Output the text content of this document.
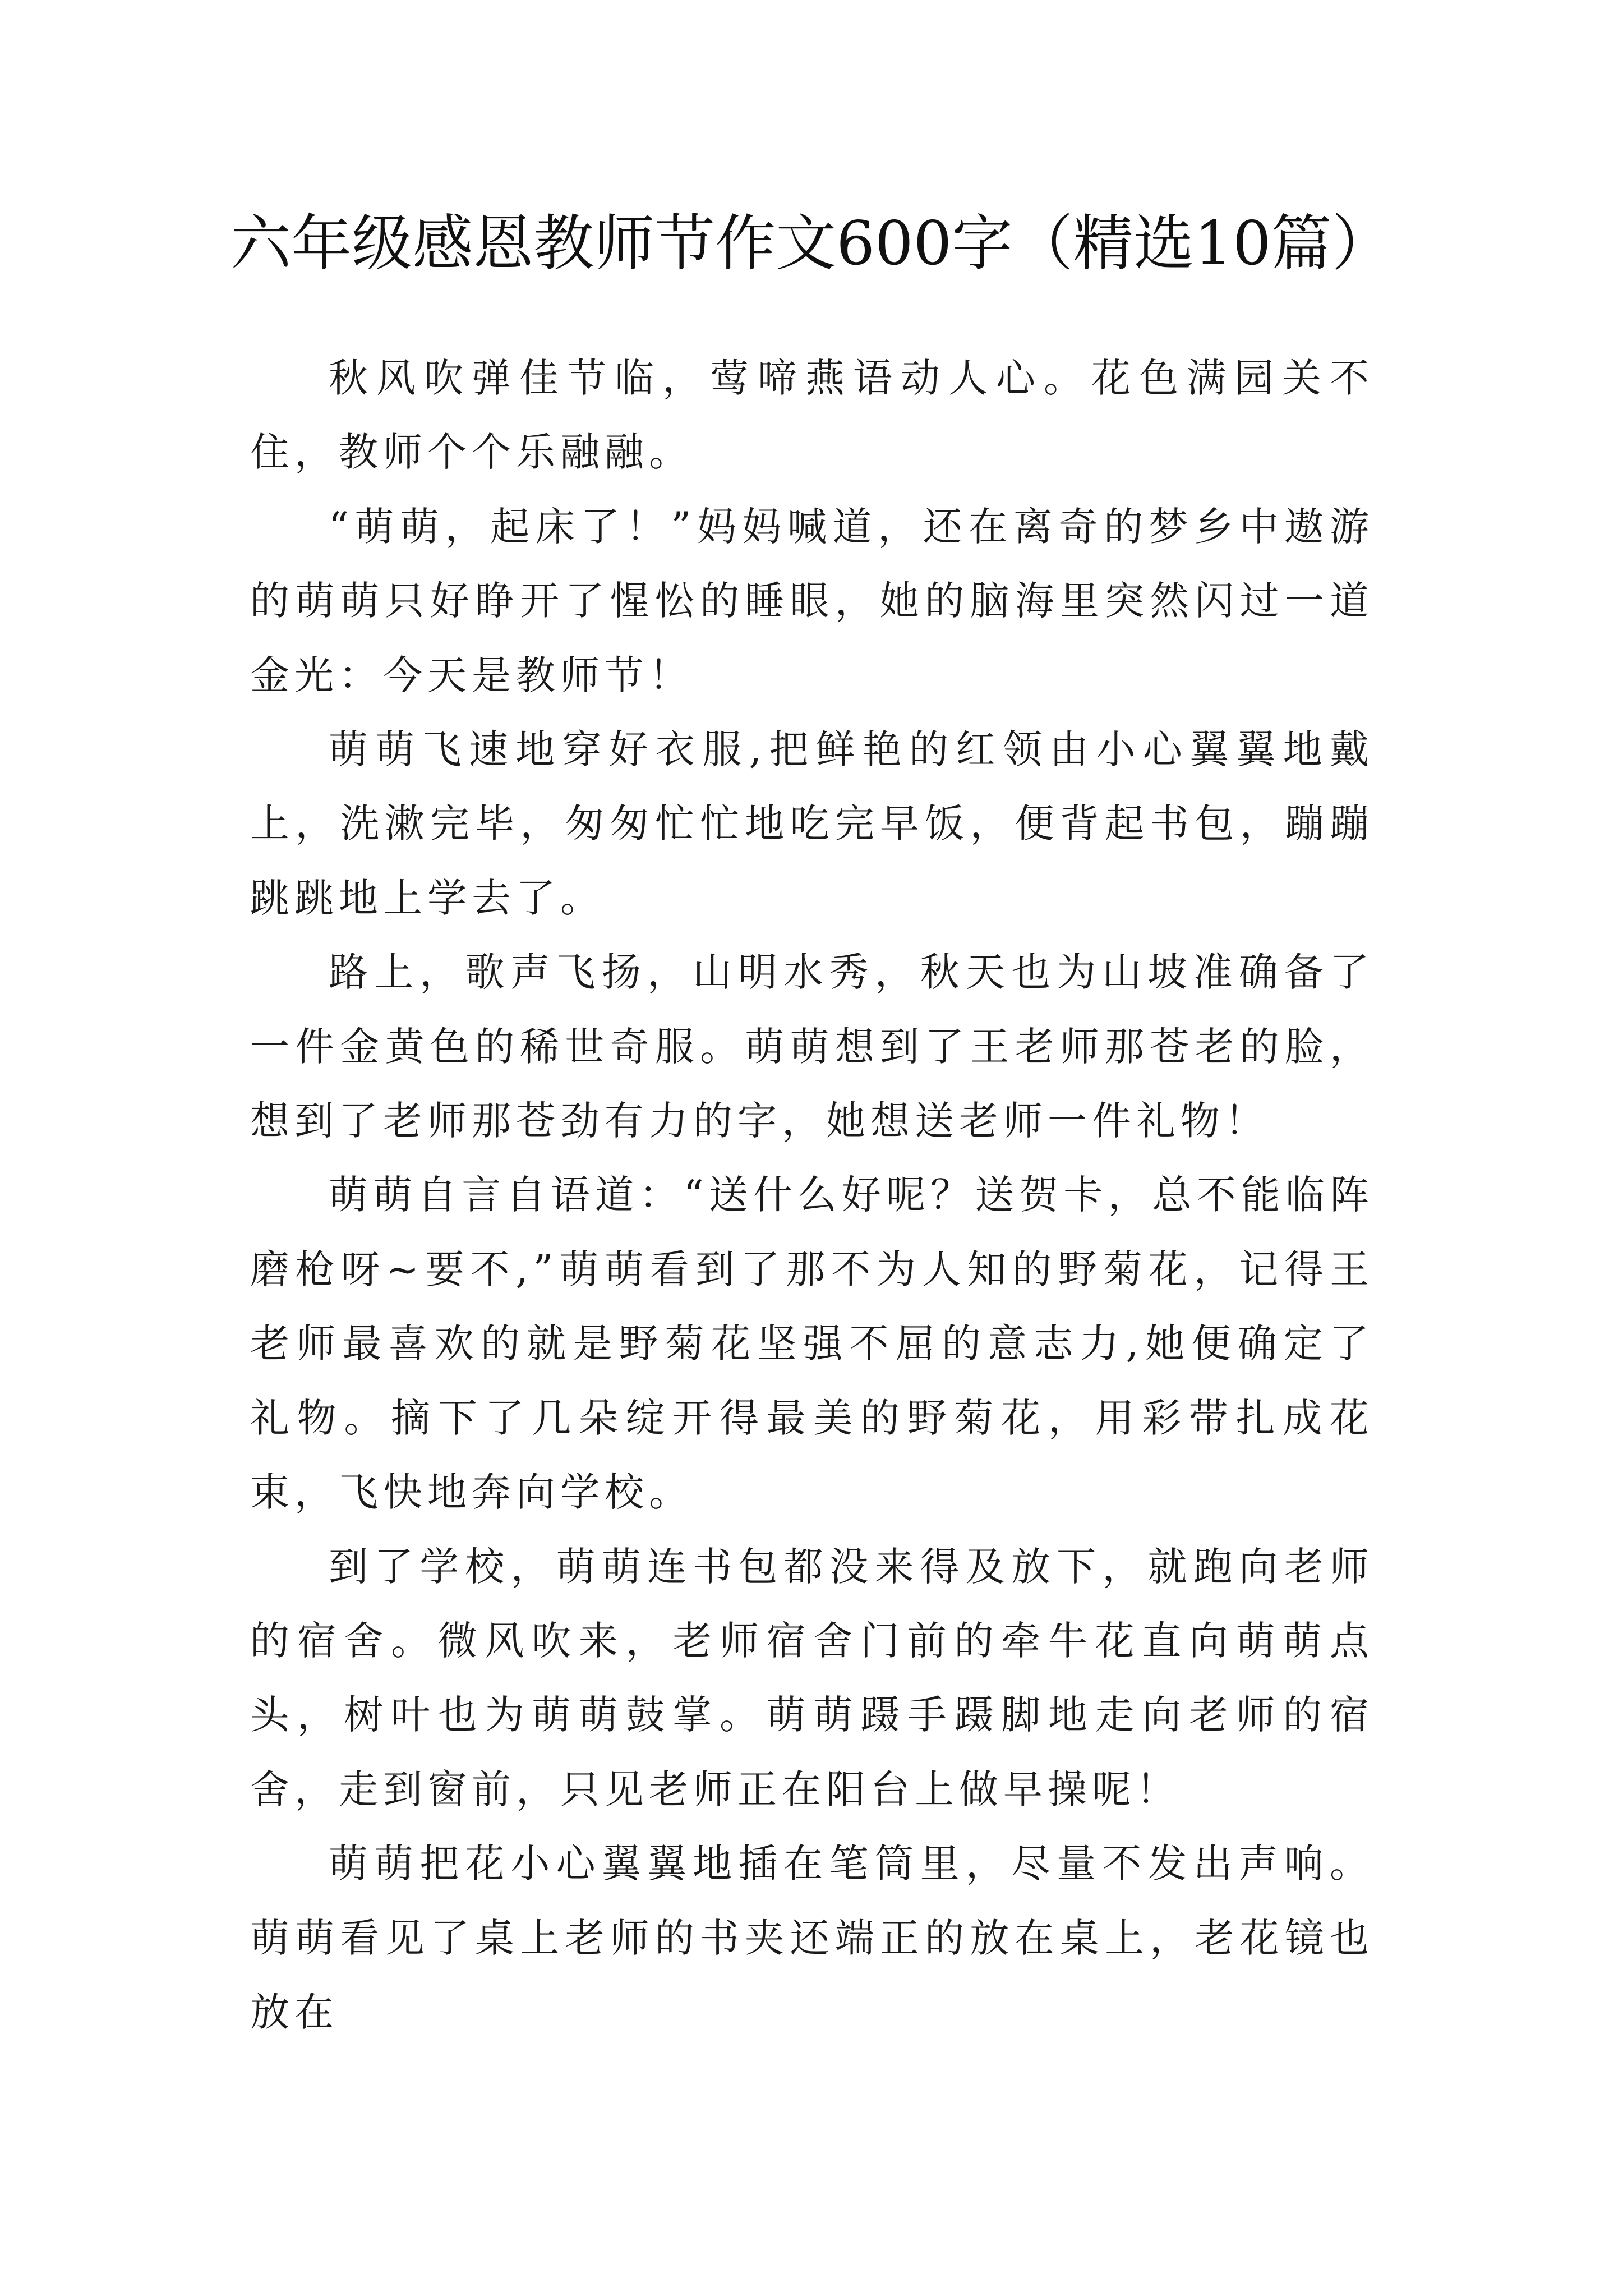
六年级感恩教师节作文600字（精选10篇）

秋风吹弹佳节临，莺啼燕语动人心。花色满园关不住，教师个个乐融融。

“萌萌，起床了！”妈妈喊道，还在离奇的梦乡中遨游的萌萌只好睁开了惺忪的睡眼，她的脑海里突然闪过一道金光：今天是教师节！

萌萌飞速地穿好衣服,把鲜艳的红领由小心翼翼地戴上，洗漱完毕，匆匆忙忙地吃完早饭，便背起书包，蹦蹦跳跳地上学去了。

路上，歌声飞扬，山明水秀，秋天也为山坡准确备了一件金黄色的稀世奇服。萌萌想到了王老师那苍老的脸，想到了老师那苍劲有力的字，她想送老师一件礼物！

萌萌自言自语道：“送什么好呢？送贺卡，总不能临阵磨枪呀~要不,”萌萌看到了那不为人知的野菊花，记得王老师最喜欢的就是野菊花坚强不屈的意志力,她便确定了礼物。摘下了几朵绽开得最美的野菊花，用彩带扎成花束，飞快地奔向学校。

到了学校，萌萌连书包都没来得及放下，就跑向老师的宿舍。微风吹来，老师宿舍门前的牵牛花直向萌萌点头，树叶也为萌萌鼓掌。萌萌蹑手蹑脚地走向老师的宿舍，走到窗前，只见老师正在阳台上做早操呢！

萌萌把花小心翼翼地插在笔筒里，尽量不发出声响。萌萌看见了桌上老师的书夹还端正的放在桌上，老花镜也放在
